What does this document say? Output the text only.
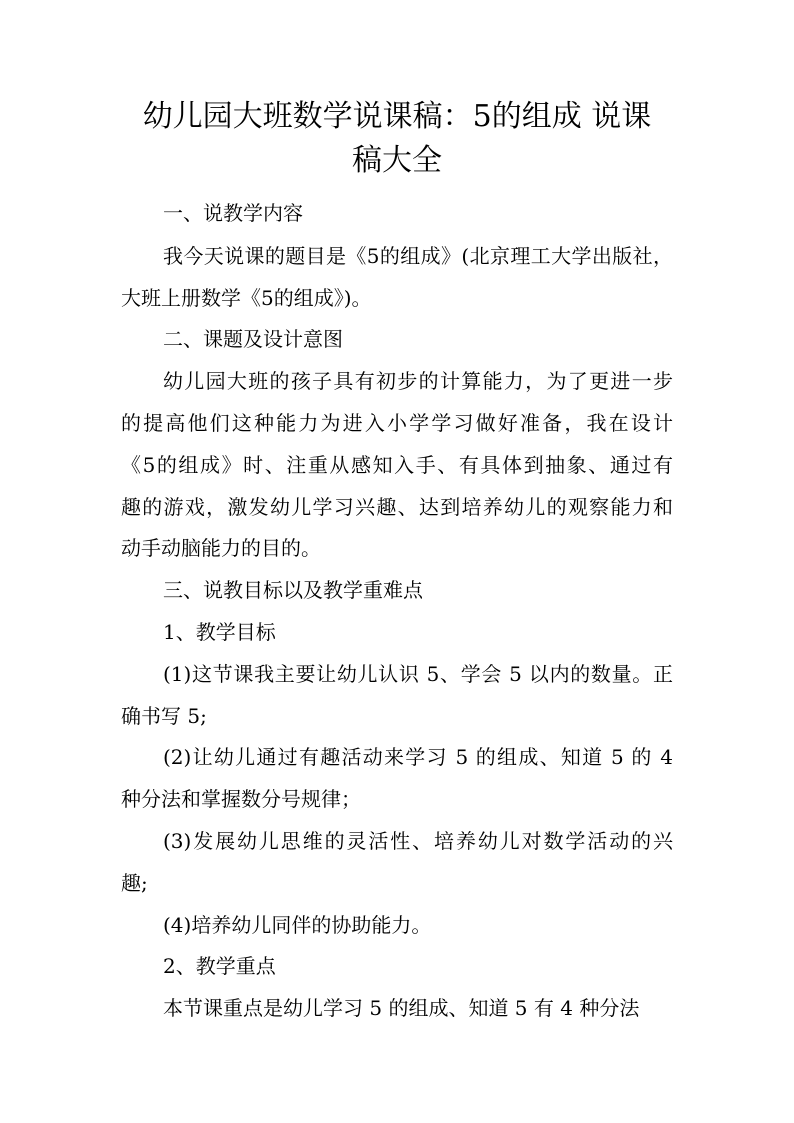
幼儿园大班数学说课稿：5的组成 说课
稿大全

一、说教学内容

我今天说课的题目是《5的组成》(北京理工大学出版社，

大班上册数学《5的组成》)。

二、课题及设计意图

幼儿园大班的孩子具有初步的计算能力，为了更进一步

的提高他们这种能力为进入小学学习做好准备，我在设计

《5的组成》时、注重从感知入手、有具体到抽象、通过有

趣的游戏，激发幼儿学习兴趣、达到培养幼儿的观察能力和

动手动脑能力的目的。

三、说教目标以及教学重难点

1、教学目标

(1)这节课我主要让幼儿认识 5、学会 5 以内的数量。正

确书写 5;

(2)让幼儿通过有趣活动来学习 5 的组成、知道 5 的 4

种分法和掌握数分号规律；

(3)发展幼儿思维的灵活性、培养幼儿对数学活动的兴

趣;

(4)培养幼儿同伴的协助能力。

2、教学重点

本节课重点是幼儿学习 5 的组成、知道 5 有 4 种分法
